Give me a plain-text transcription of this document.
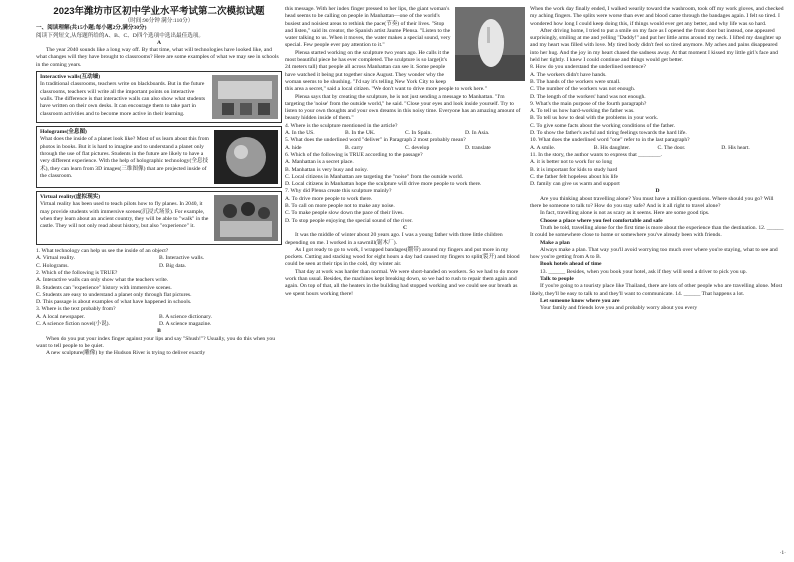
2023年潍坊市区初中学业水平考试第二次模拟试题
（时间:90分钟 满分:110分）

一、阅读理解(共15小题;每小题2分,满分30分)

阅读下列短文,从每题所给的A、B、C、D四个选项中选出最佳选项。

A

The year 2040 sounds like a long way off. By that time, what will technologies have looked like, and what changes will they have brought to classrooms? Here are some examples of what we may see in schools in the coming years.

Interactive walls(互动墙)
In traditional classrooms, teachers write on blackboards. But in the future classrooms, teachers will write all the important points on interactive walls. The difference is that interactive walls can also show what students have written on their own desks. It can encourage them to take part in classroom activities and to become more active in their learning.
Holograms(全息图)
What does the inside of a planet look like? Most of us learn about this from photos in books. But it is hard to imagine and to understand a planet only through the use of flat pictures. Students in the future are likely to have a very different experience. With the help of holographic technology(全息技术), they can learn from 3D images(三维图像) that are projected inside of the classroom.
Virtual reality(虚拟现实)
Virtual reality has been used to teach pilots how to fly planes. In 2040, it may provide students with immersive scenes(沉浸式场景). For example, when they learn about an ancient country, they will be able to "walk" in the castle. They will not only read about history, but also "experience" it.

1. What technology can help us see the inside of an object?

A. Virtual reality.	B. Interactive walls.
C. Holograms.	D. Big data.

2. Which of the following is TRUE?

A. Interactive walls can only show what the teachers write.

B. Students can "experience" history with immersive scenes.

C. Students are easy to understand a planet only through flat pictures.

D. This passage is about examples of what have happened in schools.

3. Where is the text probably from?

A. A local newspaper.	B. A science dictionary.
C. A science fiction novel(小说).	D. A science magazine.

B

When do you put your index finger against your lips and say "Shush!"? Usually, you do this when you want to tell people to be quiet.

A new sculpture(雕像) by the Hudson River is trying to deliver exactly

this message. With her index finger pressed to her lips, the giant woman's head seems to be calling on people in Manhattan—one of the world's busiest and noisiest areas to rethink the pace(节奏) of their lives. "Stop and listen," said its creator, the Spanish artist Jaume Plensa. "Listen to the water talking to us. When it moves, the water makes a special sound, very special. Few people ever pay attention to it."

Plensa started working on the sculpture two years ago. He calls it the most beautiful piece he has ever completed. The sculpture is so large(it's 24 meters tall) that people all across Manhattan can see it. Some people have watched it being put together since August. They wonder why the woman seems to be shushing. "I'd say it's telling New York City to keep this area a secret," said a local citizen. "We don't want to drive more people to work here."

Plensa says that by creating the sculpture, he is not just sending a message to Manhattan. "I'm targeting the 'noise' from the outside world," he said. "Close your eyes and look inside yourself. Try to listen to your own thoughts and your own dreams in this noisy time. Everyone has an amazing amount of beauty hidden inside of them."

4. Where is the sculpture mentioned in the article?

A. In the US.	B. In the UK.	C. In Spain.	D. In Asia.

5. What does the underlined word "deliver" in Paragraph 2 most probably mean?

A. hide	B. carry	C. develop	D. translate

6. Which of the following is TRUE according to the passage?

A. Manhattan is a secret place.

B. Manhattan is very busy and noisy.

C. Local citizens in Manhattan are targeting the "noise" from the outside world.

D. Local citizens in Manhattan hope the sculpture will drive more people to work there.

7. Why did Plensa create this sculpture mainly?

A. To drive more people to work there.

B. To call on more people not to make any noise.

C. To make people slow down the pace of their lives.

D. To stop people enjoying the special sound of the river.

C

It was the middle of winter about 20 years ago. I was a young father with three little children depending on me. I worked in a sawmill(锯木厂).

As I got ready to go to work, I wrapped bandages(绷带) around my fingers and put more in my pockets. Cutting and stacking wood for eight hours a day had caused my fingers to split(裂开) and blood could be seen at their tips in the cold, dry winter air.

That day at work was harder than normal. We were short-handed on workers. So we had to do more work than usual. Besides, the machines kept breaking down, so we had to rush to repair them again and again. On top of that, all the heaters in the building had stopped working and we could see our breath as we spent hours working there!

When the work day finally ended, I walked wearily toward the washroom, took off my work gloves, and checked my aching fingers. The splits were worse than ever and blood came through the bandages again. I felt so tired. I wondered how long I could keep doing this, if things would ever get any better, and why life was so hard.

After driving home, I tried to put a smile on my face as I opened the front door but instead, one appeared surprisingly, smiling at me and yelling "Daddy!" and put her little arms around my neck. I lifted my daughter up and my heart was filled with love. My tired body didn't feel so tired anymore. My aches and pains disappeared into her hug. And the joy in my heart chased the sadness away. At that moment I kissed my little girl's face and held her tightly. I knew I could continue and things would get better.

8. How do you understand the underlined sentence?

A. The workers didn't have hands.

B. The hands of the workers were small.

C. The number of the workers was not enough.

D. The length of the workers' hand was not enough.

9. What's the main purpose of the fourth paragraph?

A. To tell us how hard-working the father was.

B. To tell us how to deal with the problems in your work.

C. To give some facts about the working conditions of the father.

D. To show the father's awful and tiring feelings towards the hard life.

10. What does the underlined word "one" refer to in the last paragraph?

A. A smile.	B. His daughter.	C. The door.	D. His heart.

11. In the story, the author wants to express that ________.

A. it is better not to work for so long

B. it is important for kids to study hard

C. the father felt hopeless about his life

D. family can give us warm and support

D

Are you thinking about travelling alone? You must have a million questions. Where should you go? Will there be someone to talk to? How do you stay safe? And is it all right to travel alone?

In fact, travelling alone is not as scary as it seems. Here are some good tips.

Choose a place where you feel comfortable and safe

Truth be told, travelling alone for the first time is more about the experience than the destination. 12. ______ It could be somewhere close to home or somewhere you've already been with friends.

Make a plan

Always make a plan. That way you'll avoid worrying too much over where you're staying, what to see and how you're getting from A to B.

Book hotels ahead of time

13. ______ Besides, when you book your hotel, ask if they will send a driver to pick you up.

Talk to people

If you're going to a touristy place like Thailand, there are lots of other people who are travelling alone. Most likely, they'll be easy to talk to and they'll want to communicate. 14. ______ That happens a lot.

Let someone know where you are

Your family and friends love you and probably worry about you every

·1·
